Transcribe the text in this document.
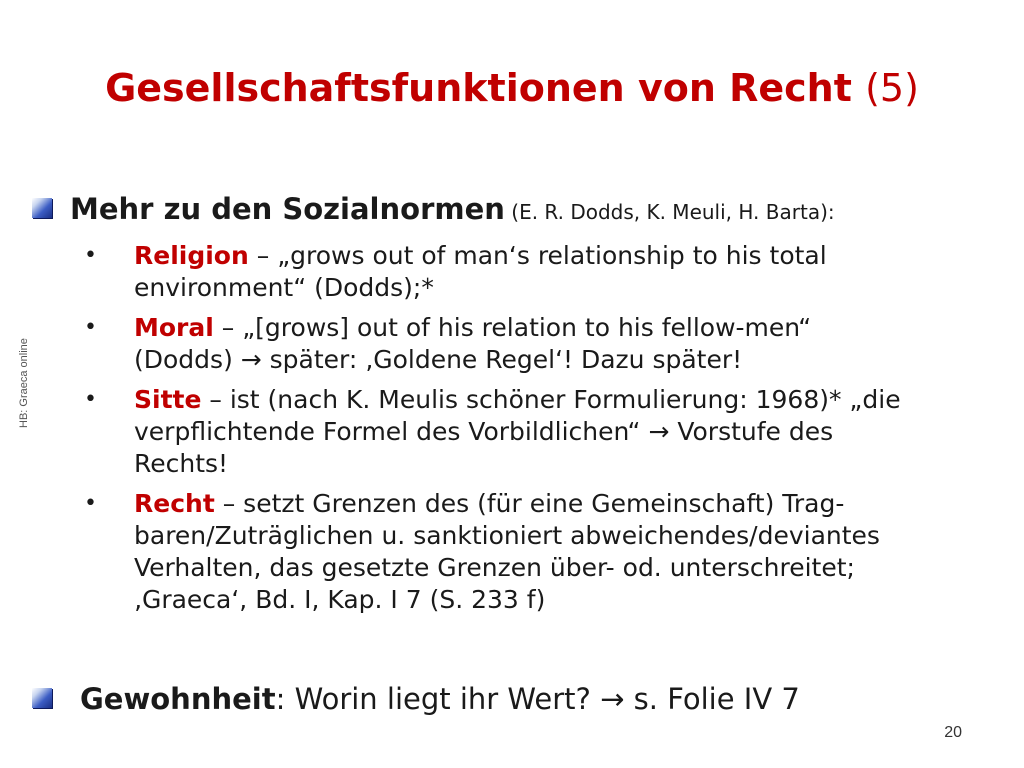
Gesellschaftsfunktionen von Recht (5)
HB: Graeca online
Mehr zu den Sozialnormen (E. R. Dodds, K. Meuli, H. Barta):
• Religion – „grows out of man‘s relationship to his total
environment“ (Dodds);*
• Moral – „[grows] out of his relation to his fellow-men“
(Dodds) → später: ‚Goldene Regel‘! Dazu später!
• Sitte – ist (nach K. Meulis schöner Formulierung: 1968)* „die
verpflichtende Formel des Vorbildlichen“ → Vorstufe des
Rechts!
• Recht – setzt Grenzen des (für eine Gemeinschaft) Trag-
baren/Zuträglichen u. sanktioniert abweichendes/deviantes
Verhalten, das gesetzte Grenzen über- od. unterschreitet;
‚Graeca‘, Bd. I, Kap. I 7 (S. 233 f)
Gewohnheit: Worin liegt ihr Wert? → s. Folie IV 7
20
